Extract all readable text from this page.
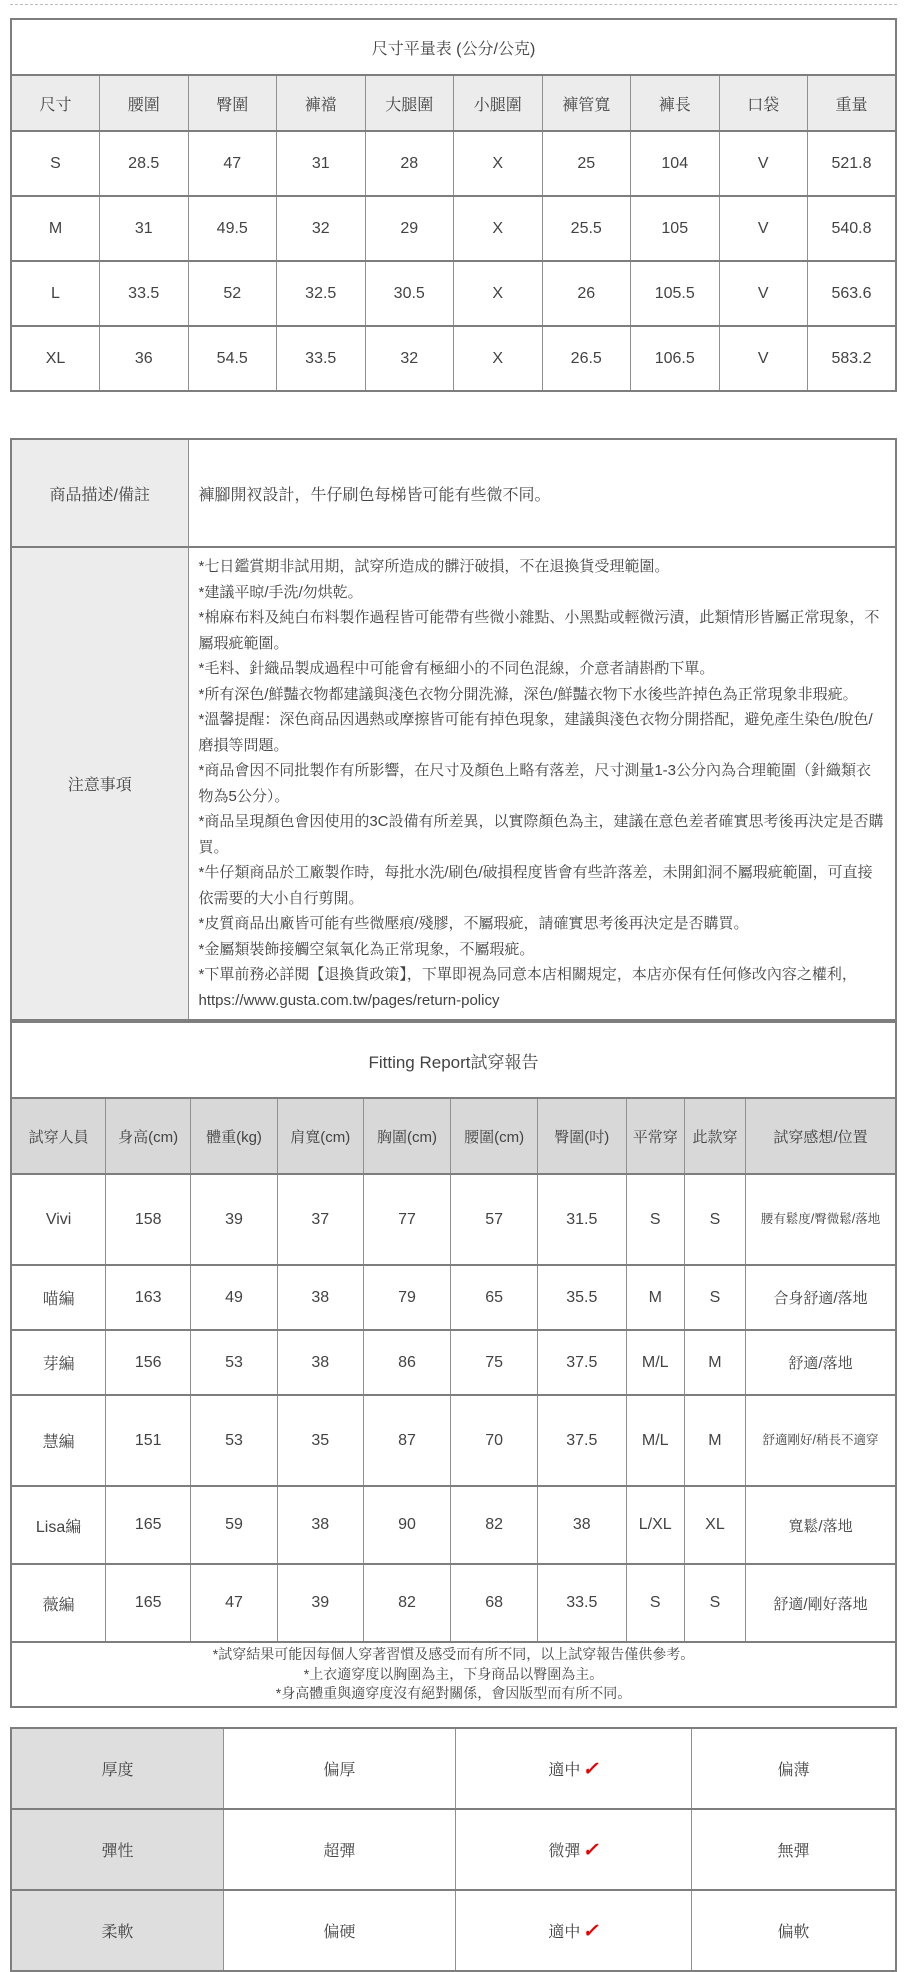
尺寸平量表 (公分/公克)									
尺寸	腰圍	臀圍	褲襠	大腿圍	小腿圍	褲管寬	褲長	口袋	重量
S	28.5	47	31	28	X	25	104	V	521.8
M	31	49.5	32	29	X	25.5	105	V	540.8
L	33.5	52	32.5	30.5	X	26	105.5	V	563.6
XL	36	54.5	33.5	32	X	26.5	106.5	V	583.2
商品描述/備註	褲腳開衩設計，牛仔刷色每梯皆可能有些微不同。
注意事項	
*七日鑑賞期非試用期，試穿所造成的髒汙破損，不在退換貨受理範圍。
*建議平晾/手洗/勿烘乾。
*棉麻布料及純白布料製作過程皆可能帶有些微小雜點、小黑點或輕微污漬，此類情形皆屬正常現象，不屬瑕疵範圍。
*毛料、針織品製成過程中可能會有極細小的不同色混線，介意者請斟酌下單。
*所有深色/鮮豔衣物都建議與淺色衣物分開洗滌，深色/鮮豔衣物下水後些許掉色為正常現象非瑕疵。
*溫馨提醒：深色商品因遇熱或摩擦皆可能有掉色現象，建議與淺色衣物分開搭配，避免產生染色/脫色/磨損等問題。
*商品會因不同批製作有所影響，在尺寸及顏色上略有落差，尺寸測量1-3公分內為合理範圍（針織類衣物為5公分）。
*商品呈現顏色會因使用的3C設備有所差異，以實際顏色為主，建議在意色差者確實思考後再決定是否購買。
*牛仔類商品於工廠製作時，每批水洗/刷色/破損程度皆會有些許落差，未開釦洞不屬瑕疵範圍，可直接依需要的大小自行剪開。
*皮質商品出廠皆可能有些微壓痕/殘膠，不屬瑕疵，請確實思考後再決定是否購買。
*金屬類裝飾接觸空氣氧化為正常現象，不屬瑕疵。
*下單前務必詳閱【退換貨政策】，下單即視為同意本店相關規定，本店亦保有任何修改內容之權利，
https://www.gusta.com.tw/pages/return-policy
Fitting Report試穿報告									
試穿人員	身高(cm)	體重(kg)	肩寬(cm)	胸圍(cm)	腰圍(cm)	臀圍(吋)	平常穿	此款穿	試穿感想/位置
Vivi	158	39	37	77	57	31.5	S	S	腰有鬆度/臀微鬆/落地
喵編	163	49	38	79	65	35.5	M	S	合身舒適/落地
芽編	156	53	38	86	75	37.5	M/L	M	舒適/落地
慧編	151	53	35	87	70	37.5	M/L	M	舒適剛好/稍長不適穿
Lisa編	165	59	38	90	82	38	L/XL	XL	寬鬆/落地
薇編	165	47	39	82	68	33.5	S	S	舒適/剛好落地

*試穿結果可能因每個人穿著習慣及感受而有所不同，以上試穿報告僅供參考。
*上衣適穿度以胸圍為主，下身商品以臀圍為主。
*身高體重與適穿度沒有絕對關係，會因版型而有所不同。									
厚度	偏厚	適中 ✓	偏薄
彈性	超彈	微彈 ✓	無彈
柔軟	偏硬	適中 ✓	偏軟
